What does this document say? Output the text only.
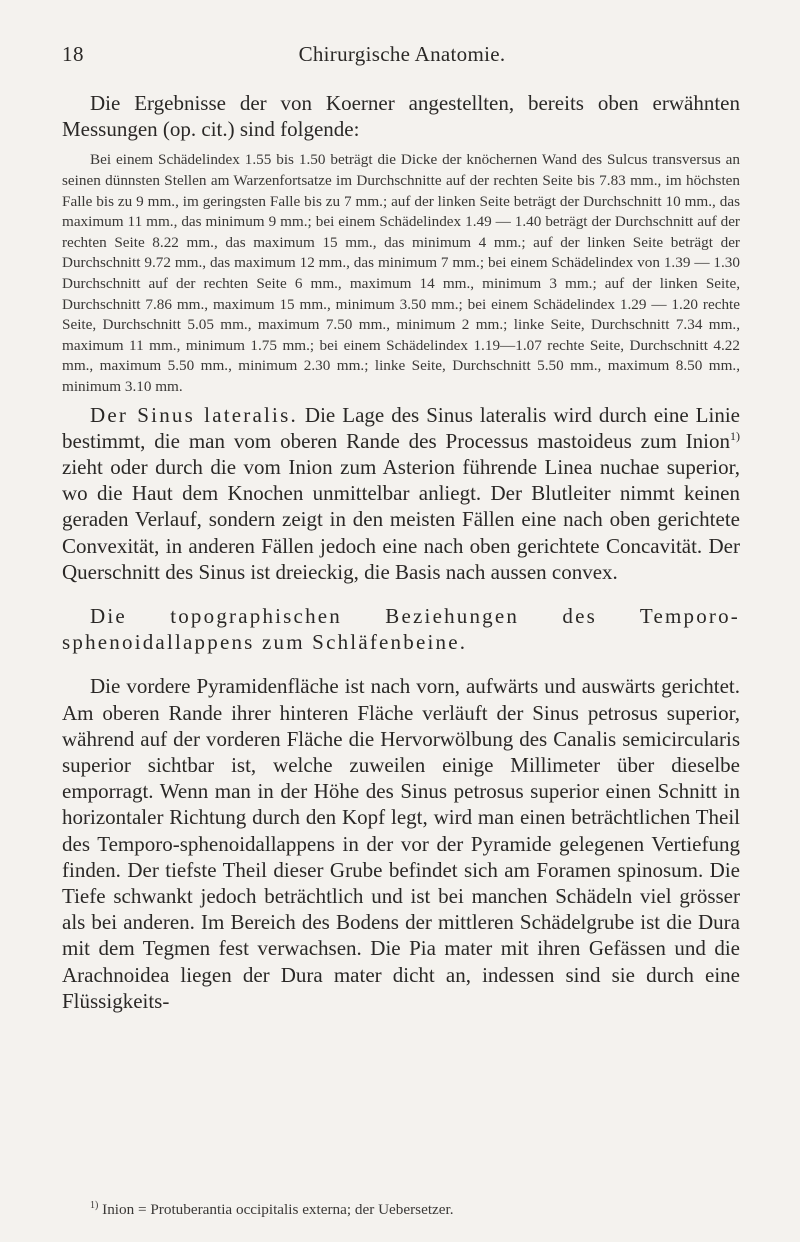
18	Chirurgische Anatomie.

Die Ergebnisse der von Koerner angestellten, bereits oben erwähnten Messungen (op. cit.) sind folgende:

Bei einem Schädelindex 1.55 bis 1.50 beträgt die Dicke der knöchernen Wand des Sulcus transversus an seinen dünnsten Stellen am Warzenfortsatze im Durchschnitte auf der rechten Seite bis 7.83 mm., im höchsten Falle bis zu 9 mm., im geringsten Falle bis zu 7 mm.; auf der linken Seite beträgt der Durchschnitt 10 mm., das maximum 11 mm., das minimum 9 mm.; bei einem Schädelindex 1.49 — 1.40 beträgt der Durchschnitt auf der rechten Seite 8.22 mm., das maximum 15 mm., das minimum 4 mm.; auf der linken Seite beträgt der Durchschnitt 9.72 mm., das maximum 12 mm., das minimum 7 mm.; bei einem Schädelindex von 1.39 — 1.30 Durchschnitt auf der rechten Seite 6 mm., maximum 14 mm., minimum 3 mm.; auf der linken Seite, Durchschnitt 7.86 mm., maximum 15 mm., minimum 3.50 mm.; bei einem Schädelindex 1.29 — 1.20 rechte Seite, Durchschnitt 5.05 mm., maximum 7.50 mm., minimum 2 mm.; linke Seite, Durchschnitt 7.34 mm., maximum 11 mm., minimum 1.75 mm.; bei einem Schädelindex 1.19—1.07 rechte Seite, Durchschnitt 4.22 mm., maximum 5.50 mm., minimum 2.30 mm.; linke Seite, Durchschnitt 5.50 mm., maximum 8.50 mm., minimum 3.10 mm.

Der Sinus lateralis. Die Lage des Sinus lateralis wird durch eine Linie bestimmt, die man vom oberen Rande des Processus mastoideus zum Inion$^{1)}$ zieht oder durch die vom Inion zum Asterion führende Linea nuchae superior, wo die Haut dem Knochen unmittelbar anliegt. Der Blutleiter nimmt keinen geraden Verlauf, sondern zeigt in den meisten Fällen eine nach oben gerichtete Convexität, in anderen Fällen jedoch eine nach oben gerichtete Concavität. Der Querschnitt des Sinus ist dreieckig, die Basis nach aussen convex.

Die topographischen Beziehungen des Temporo-sphenoidallappens zum Schläfenbeine.

Die vordere Pyramidenfläche ist nach vorn, aufwärts und auswärts gerichtet. Am oberen Rande ihrer hinteren Fläche verläuft der Sinus petrosus superior, während auf der vorderen Fläche die Hervorwölbung des Canalis semicircularis superior sichtbar ist, welche zuweilen einige Millimeter über dieselbe emporragt. Wenn man in der Höhe des Sinus petrosus superior einen Schnitt in horizontaler Richtung durch den Kopf legt, wird man einen beträchtlichen Theil des Temporo-sphenoidallappens in der vor der Pyramide gelegenen Vertiefung finden. Der tiefste Theil dieser Grube befindet sich am Foramen spinosum. Die Tiefe schwankt jedoch beträchtlich und ist bei manchen Schädeln viel grösser als bei anderen. Im Bereich des Bodens der mittleren Schädelgrube ist die Dura mit dem Tegmen fest verwachsen. Die Pia mater mit ihren Gefässen und die Arachnoidea liegen der Dura mater dicht an, indessen sind sie durch eine Flüssigkeits-

$^{1)}$ Inion = Protuberantia occipitalis externa; der Uebersetzer.
